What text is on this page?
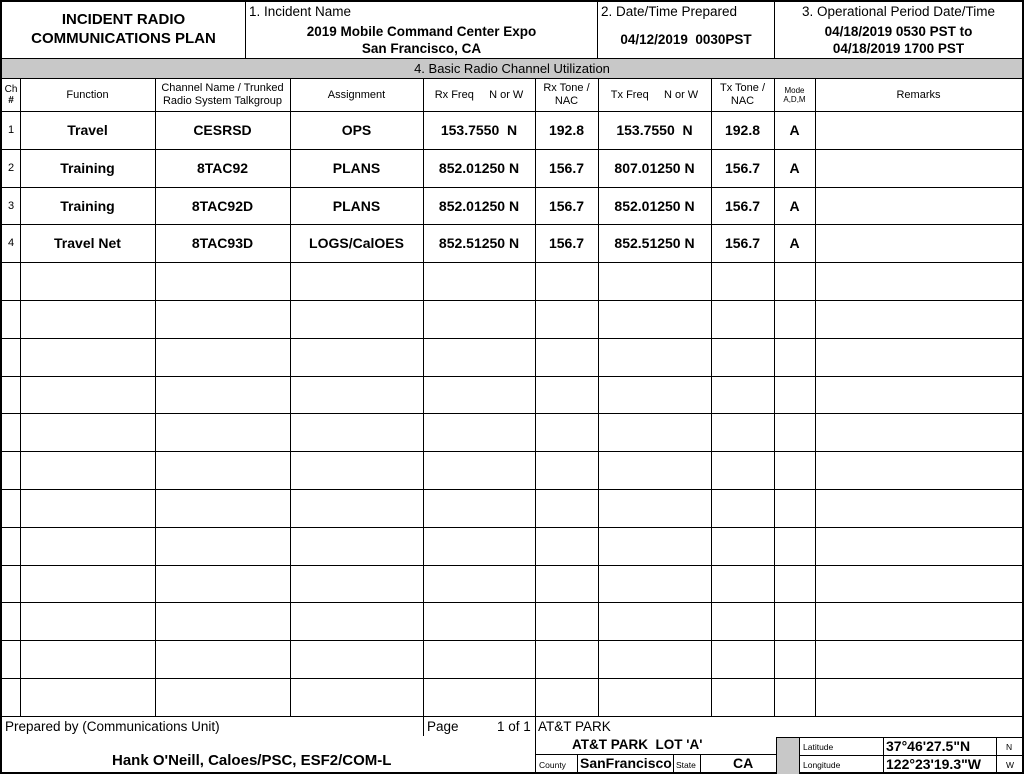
INCIDENT RADIO
COMMUNICATIONS PLAN
1. Incident Name
2019 Mobile Command Center Expo
San Francisco, CA
2. Date/Time Prepared
04/12/2019  0030PST
3. Operational Period Date/Time
04/18/2019 0530 PST to
04/18/2019 1700 PST
4. Basic Radio Channel Utilization
Ch
#	Function
Channel Name / Trunked
Radio System Talkgroup
Assignment	Rx Freq     N or W
Rx Tone /
NAC
Tx Freq     N or W
Tx Tone /
NAC
Mode
A,D,M	Remarks
1	Travel	CESRSD	OPS	153.7550  N	192.8	153.7550  N	192.8	A
2	Training	8TAC92	PLANS	852.01250 N	156.7	807.01250 N	156.7	A
3	Training	8TAC92D	PLANS	852.01250 N	156.7	852.01250 N	156.7	A
4	Travel Net	8TAC93D	LOGS/CalOES	852.51250 N	156.7	852.51250 N	156.7	A
Prepared by (Communications Unit)
Hank O'Neill, Caloes/PSC, ESF2/COM-L
Page	1 of 1 AT&T PARK
AT&T PARK  LOT 'A'
County SanFrancisco State	CA
Latitude	37°46'27.5"N	N
Longitude	122°23'19.3"W	W
